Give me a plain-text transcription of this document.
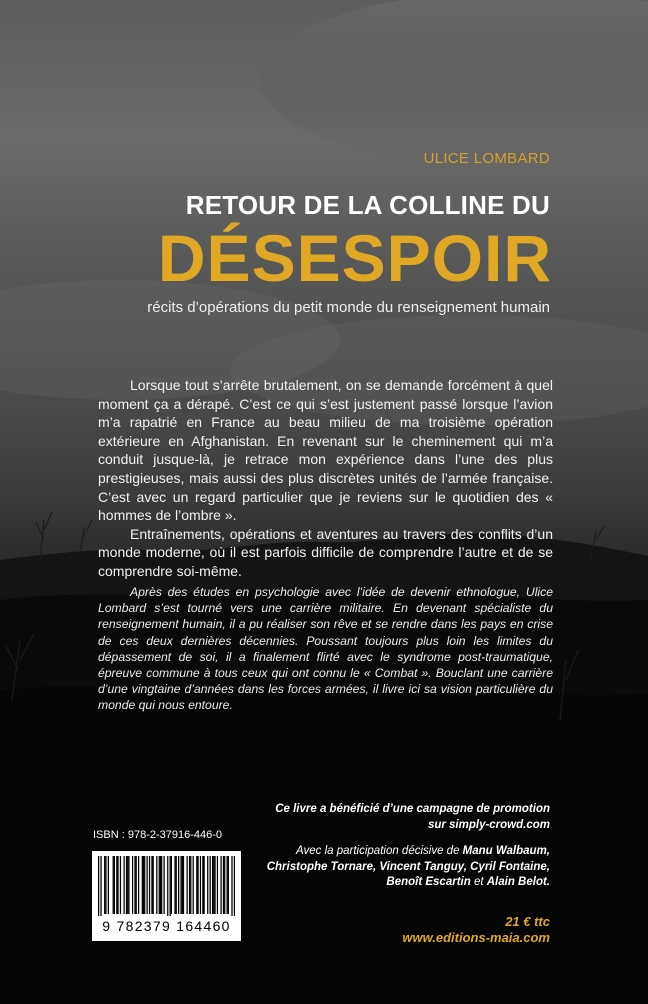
ULICE LOMBARD
RETOUR DE LA COLLINE DU
DÉSESPOIR
récits d’opérations du petit monde du renseignement humain

Lorsque tout s’arrête brutalement, on se demande forcément à quel moment ça a dérapé. C’est ce qui s’est justement passé lorsque l’avion m’a rapatrié en France au beau milieu de ma troisième opération extérieure en Afghanistan. En revenant sur le cheminement qui m’a conduit jusque-là, je retrace mon expérience dans l’une des plus prestigieuses, mais aussi des plus discrètes unités de l’armée française. C’est avec un regard particulier que je reviens sur le quotidien des « hommes de l’ombre ».

Entraînements, opérations et aventures au travers des conflits d’un monde moderne, où il est parfois difficile de comprendre l’autre et de se comprendre soi-même.

Après des études en psychologie avec l’idée de devenir ethnologue, Ulice Lombard s’est tourné vers une carrière militaire. En devenant spécialiste du renseignement humain, il a pu réaliser son rêve et se rendre dans les pays en crise de ces deux dernières décennies. Poussant toujours plus loin les limites du dépassement de soi, il a finalement flirté avec le syndrome post-traumatique, épreuve commune à tous ceux qui ont connu le « Combat ». Bouclant une carrière d’une vingtaine d’années dans les forces armées, il livre ici sa vision particulière du monde qui nous entoure.

ISBN : 978-2-37916-446-0
9 782379 164460
Ce livre a bénéficié d’une campagne de promotion
sur simply-crowd.com
Avec la participation décisive de Manu Walbaum,
Christophe Tornare, Vincent Tanguy, Cyril Fontaine,
Benoît Escartin et Alain Belot.
21 € ttc
www.editions-maia.com
